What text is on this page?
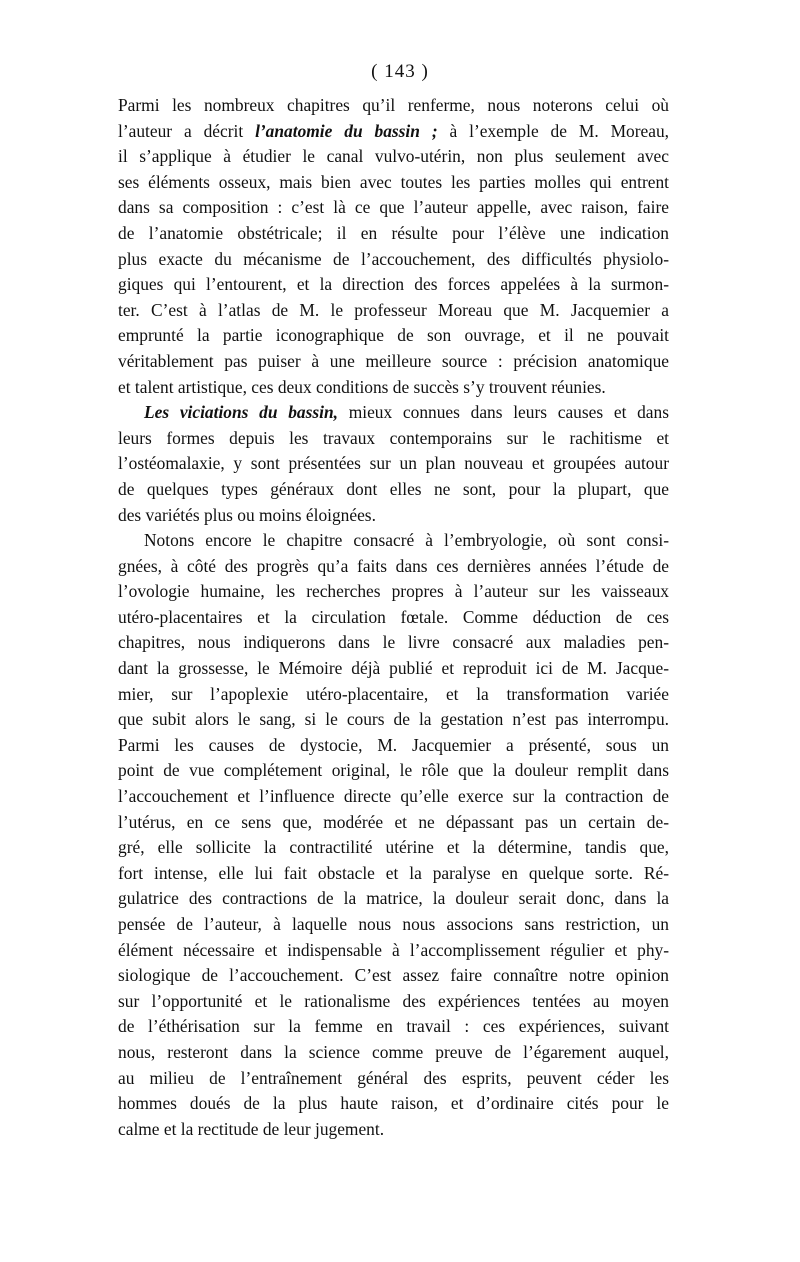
( 143 )
Parmi les nombreux chapitres qu’il renferme, nous noterons celui où
l’auteur a décrit l’anatomie du bassin ; à l’exemple de M. Moreau,
il s’applique à étudier le canal vulvo-utérin, non plus seulement avec
ses éléments osseux, mais bien avec toutes les parties molles qui entrent
dans sa composition : c’est là ce que l’auteur appelle, avec raison, faire
de l’anatomie obstétricale; il en résulte pour l’élève une indication
plus exacte du mécanisme de l’accouchement, des difficultés physiolo-
giques qui l’entourent, et la direction des forces appelées à la surmon-
ter. C’est à l’atlas de M. le professeur Moreau que M. Jacquemier a
emprunté la partie iconographique de son ouvrage, et il ne pouvait
véritablement pas puiser à une meilleure source : précision anatomique
et talent artistique, ces deux conditions de succès s’y trouvent réunies.
Les viciations du bassin, mieux connues dans leurs causes et dans
leurs formes depuis les travaux contemporains sur le rachitisme et
l’ostéomalaxie, y sont présentées sur un plan nouveau et groupées autour
de quelques types généraux dont elles ne sont, pour la plupart, que
des variétés plus ou moins éloignées.
Notons encore le chapitre consacré à l’embryologie, où sont consi-
gnées, à côté des progrès qu’a faits dans ces dernières années l’étude de
l’ovologie humaine, les recherches propres à l’auteur sur les vaisseaux
utéro-placentaires et la circulation fœtale. Comme déduction de ces
chapitres, nous indiquerons dans le livre consacré aux maladies pen-
dant la grossesse, le Mémoire déjà publié et reproduit ici de M. Jacque-
mier, sur l’apoplexie utéro-placentaire, et la transformation variée
que subit alors le sang, si le cours de la gestation n’est pas interrompu.
Parmi les causes de dystocie, M. Jacquemier a présenté, sous un
point de vue complétement original, le rôle que la douleur remplit dans
l’accouchement et l’influence directe qu’elle exerce sur la contraction de
l’utérus, en ce sens que, modérée et ne dépassant pas un certain de-
gré, elle sollicite la contractilité utérine et la détermine, tandis que,
fort intense, elle lui fait obstacle et la paralyse en quelque sorte. Ré-
gulatrice des contractions de la matrice, la douleur serait donc, dans la
pensée de l’auteur, à laquelle nous nous associons sans restriction, un
élément nécessaire et indispensable à l’accomplissement régulier et phy-
siologique de l’accouchement. C’est assez faire connaître notre opinion
sur l’opportunité et le rationalisme des expériences tentées au moyen
de l’éthérisation sur la femme en travail : ces expériences, suivant
nous, resteront dans la science comme preuve de l’égarement auquel,
au milieu de l’entraînement général des esprits, peuvent céder les
hommes doués de la plus haute raison, et d’ordinaire cités pour le
calme et la rectitude de leur jugement.
